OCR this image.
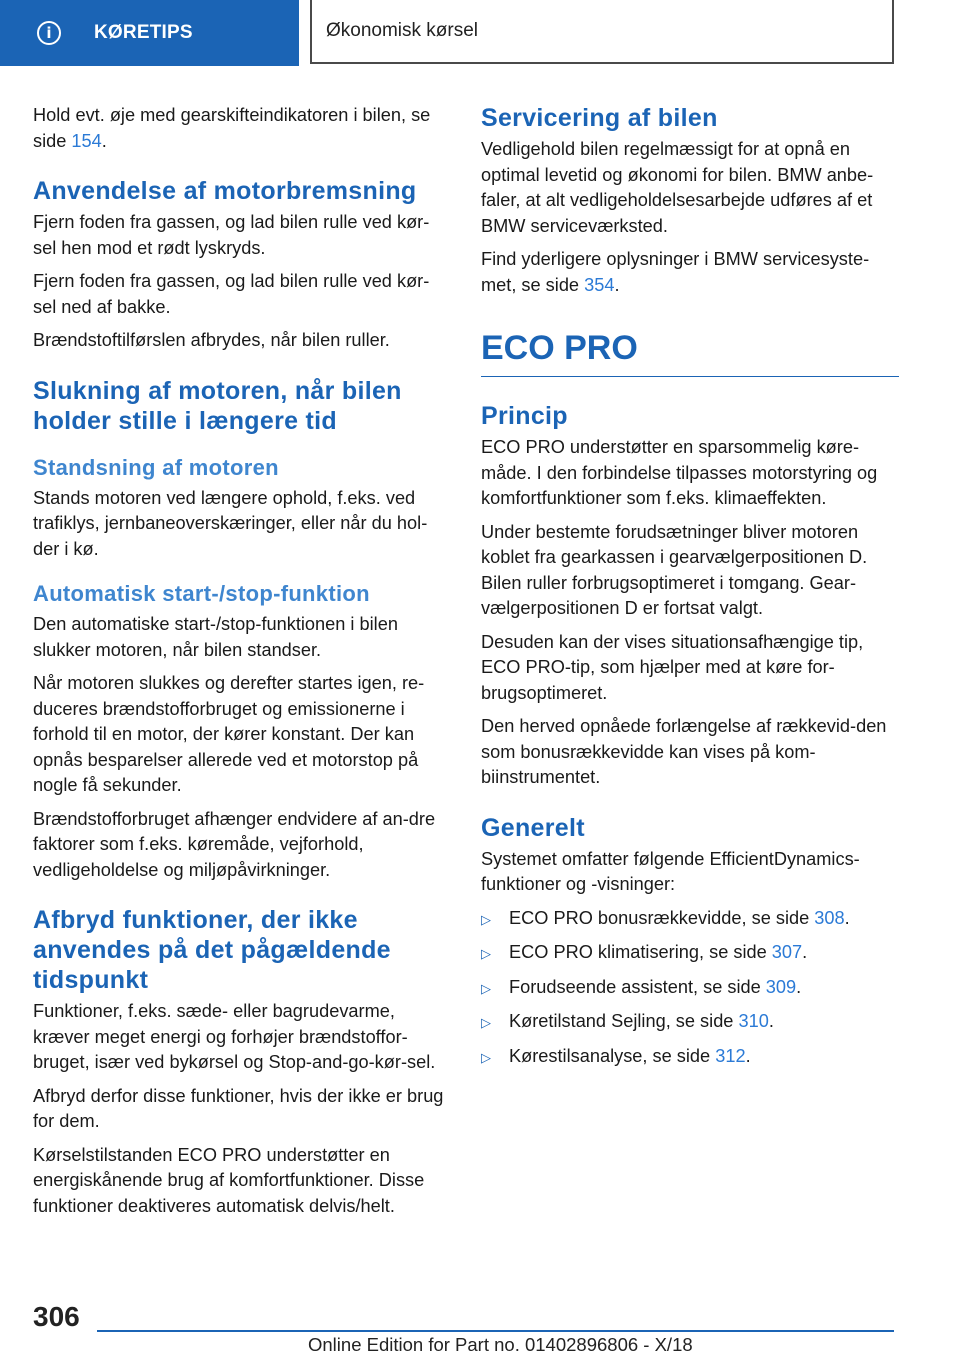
i	KØRETIPS	Økonomisk kørsel

Hold evt. øje med gearskifteindikatoren i bilen, se side 154.

Anvendelse af motorbremsning

Fjern foden fra gassen, og lad bilen rulle ved kør-sel hen mod et rødt lyskryds.

Fjern foden fra gassen, og lad bilen rulle ved kør-sel ned af bakke.

Brændstoftilførslen afbrydes, når bilen ruller.

Slukning af motoren, når bilen holder stille i længere tid
Standsning af motoren

Stands motoren ved længere ophold, f.eks. ved trafiklys, jernbaneoverskæringer, eller når du hol-der i kø.

Automatisk start-/stop-funktion

Den automatiske start-/stop-funktionen i bilen slukker motoren, når bilen standser.

Når motoren slukkes og derefter startes igen, re-duceres brændstofforbruget og emissionerne i forhold til en motor, der kører konstant. Der kan opnås besparelser allerede ved et motorstop på nogle få sekunder.

Brændstofforbruget afhænger endvidere af an-dre faktorer som f.eks. køremåde, vejforhold, vedligeholdelse og miljøpåvirkninger.

Afbryd funktioner, der ikke anvendes på det pågældende tidspunkt

Funktioner, f.eks. sæde- eller bagrudevarme, kræver meget energi og forhøjer brændstoffor-bruget, især ved bykørsel og Stop-and-go-kør-sel.

Afbryd derfor disse funktioner, hvis der ikke er brug for dem.

Kørselstilstanden ECO PRO understøtter en energiskånende brug af komfortfunktioner. Disse funktioner deaktiveres automatisk delvis/helt.

Servicering af bilen

Vedligehold bilen regelmæssigt for at opnå en optimal levetid og økonomi for bilen. BMW anbe-faler, at alt vedligeholdelsesarbejde udføres af et BMW serviceværksted.

Find yderligere oplysninger i BMW servicesyste-met, se side 354.

ECO PRO
Princip

ECO PRO understøtter en sparsommelig køre-måde. I den forbindelse tilpasses motorstyring og komfortfunktioner som f.eks. klimaeffekten.

Under bestemte forudsætninger bliver motoren koblet fra gearkassen i gearvælgerpositionen D. Bilen ruller forbrugsoptimeret i tomgang. Gear-vælgerpositionen D er fortsat valgt.

Desuden kan der vises situationsafhængige tip, ECO PRO-tip, som hjælper med at køre for-brugsoptimeret.

Den herved opnåede forlængelse af rækkevid-den som bonusrækkevidde kan vises på kom-biinstrumentet.

Generelt

Systemet omfatter følgende EfficientDynamics-funktioner og -visninger:

▷ ECO PRO bonusrækkevidde, se side 308.
▷ ECO PRO klimatisering, se side 307.
▷ Forudseende assistent, se side 309.
▷ Køretilstand Sejling, se side 310.
▷ Kørestilsanalyse, se side 312.
306
Online Edition for Part no. 01402896806 - X/18
